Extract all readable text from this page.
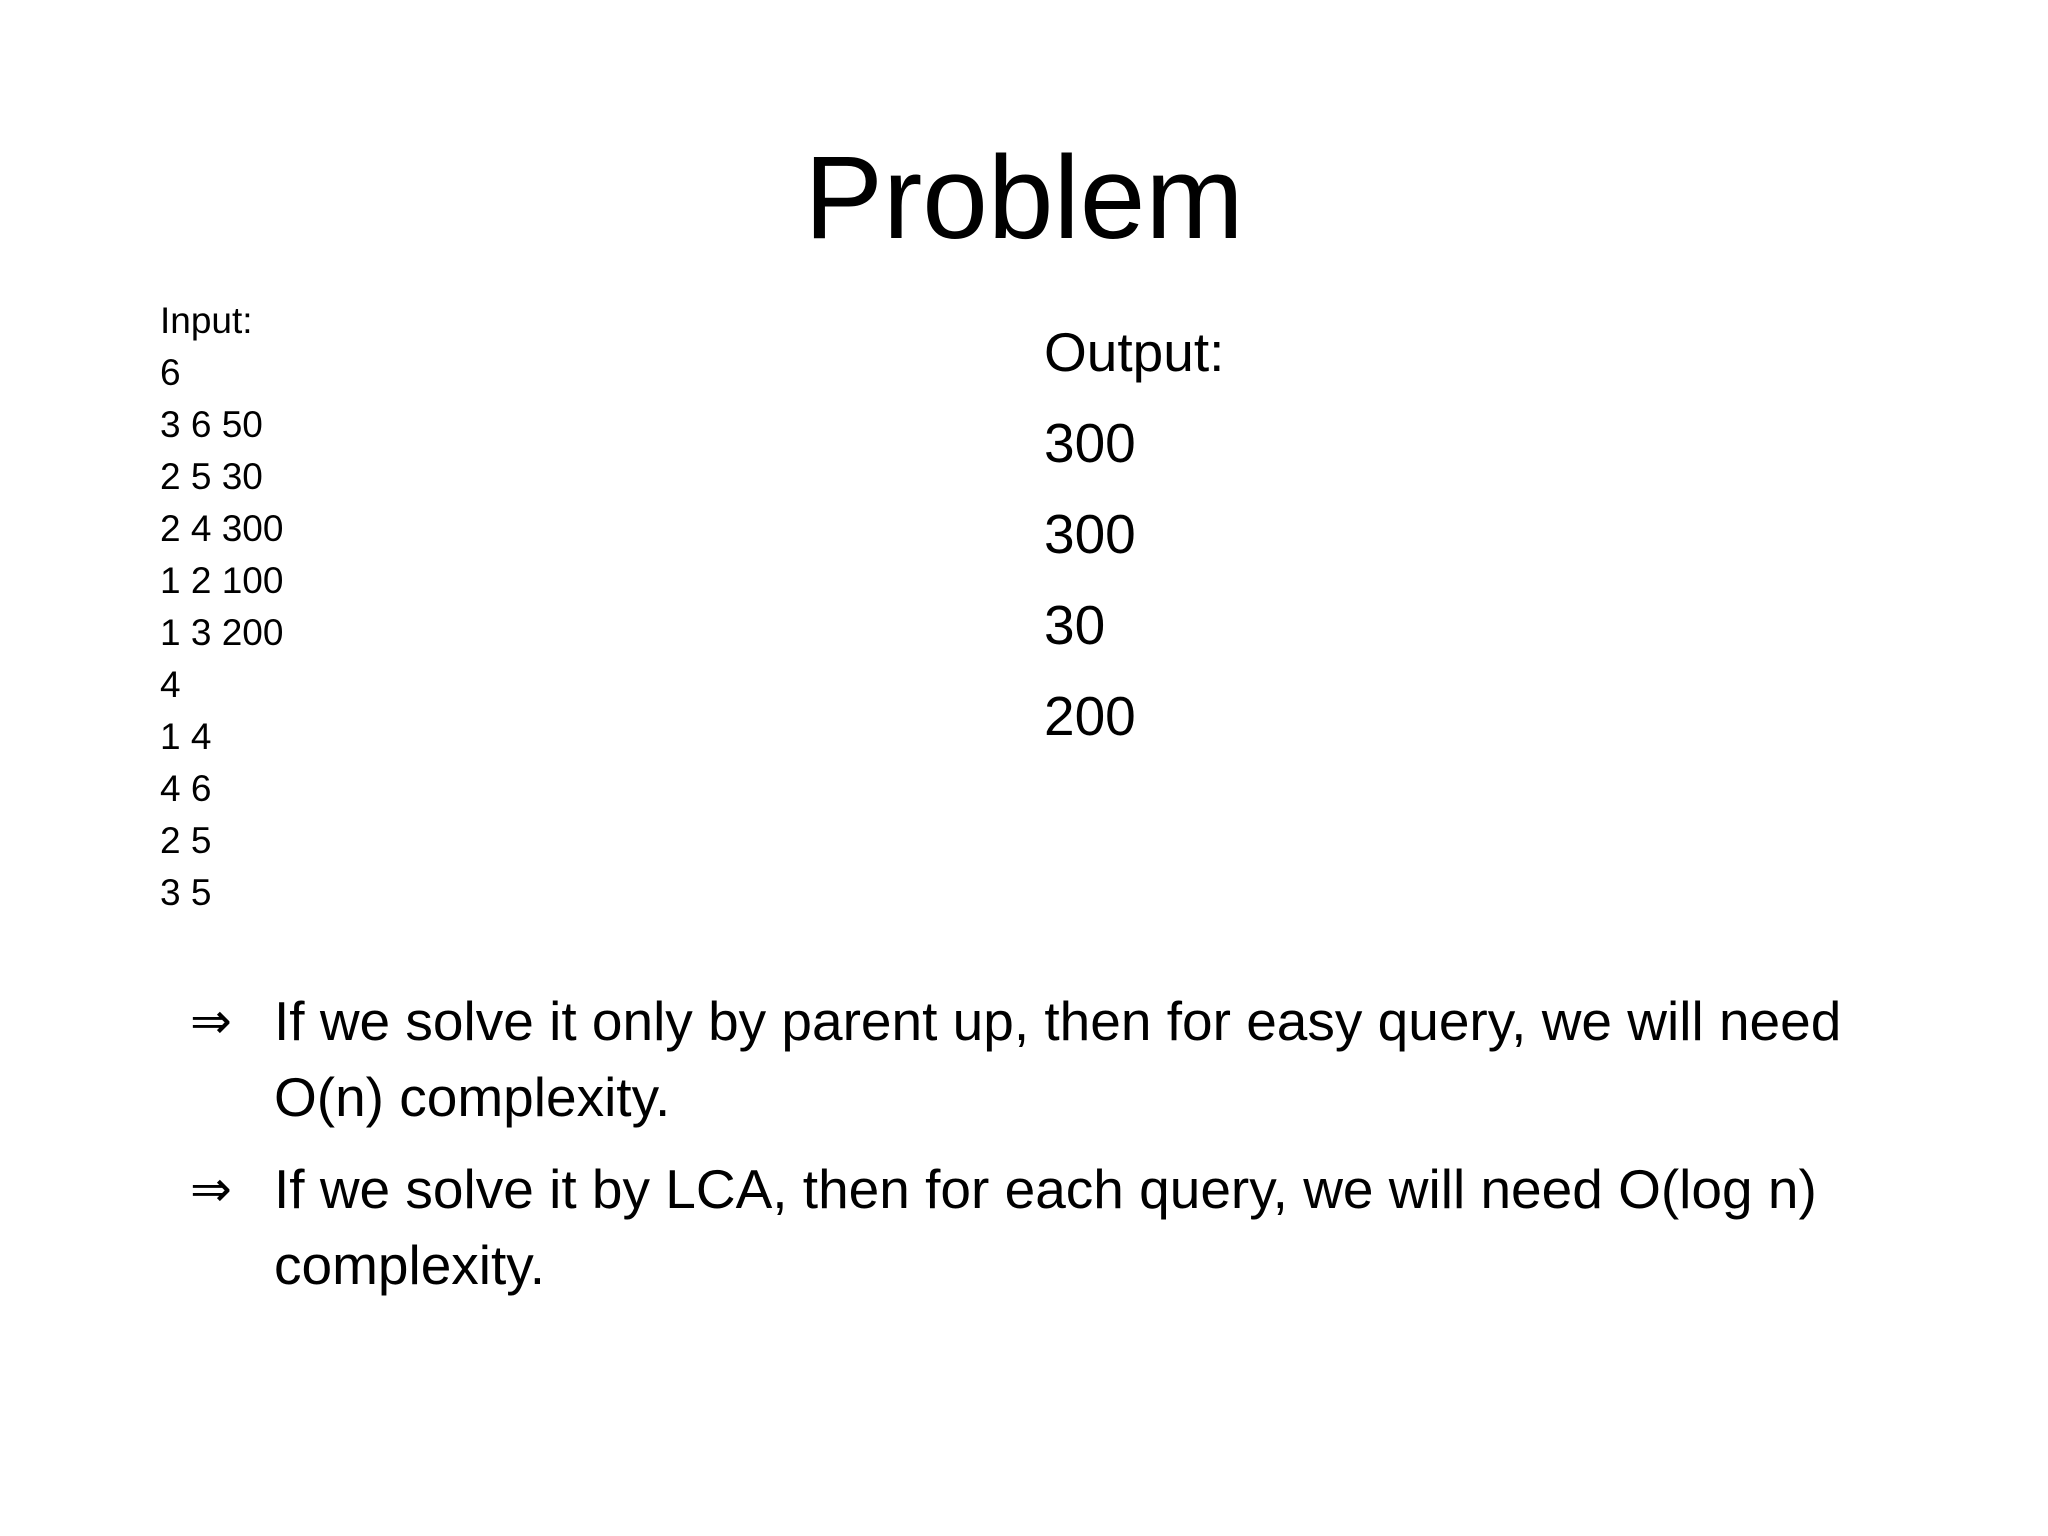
Problem
Input:
6
3 6 50
2 5 30
2 4 300
1 2 100
1 3 200
4
1 4
4 6
2 5
3 5
Output:
300
300
30
200
⇒ If we solve it only by parent up, then for easy query, we will need O(n) complexity.
⇒ If we solve it by LCA, then for each query, we will need O(log n) complexity.
